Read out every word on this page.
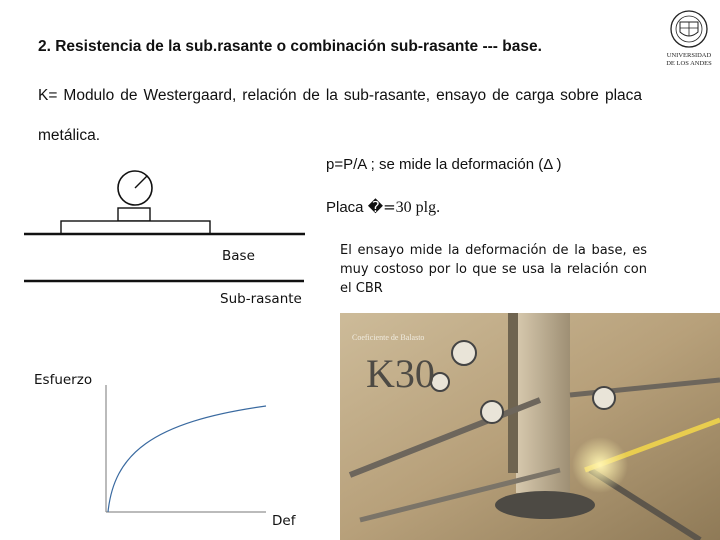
2. Resistencia de la sub.rasante o combinación sub-rasante --- base.
K= Modulo de Westergaard, relación de la sub-rasante, ensayo de carga sobre placa metálica.
p=P/A ; se mide la deformación (Δ )
Placa �=30 plg.
El ensayo mide la deformación de la base, es muy costoso por lo que se usa la relación con el CBR
Base
Sub-rasante
Esfuerzo
Def
UNIVERSIDAD
DE LOS ANDES
Coeficiente de Balasto
K30
